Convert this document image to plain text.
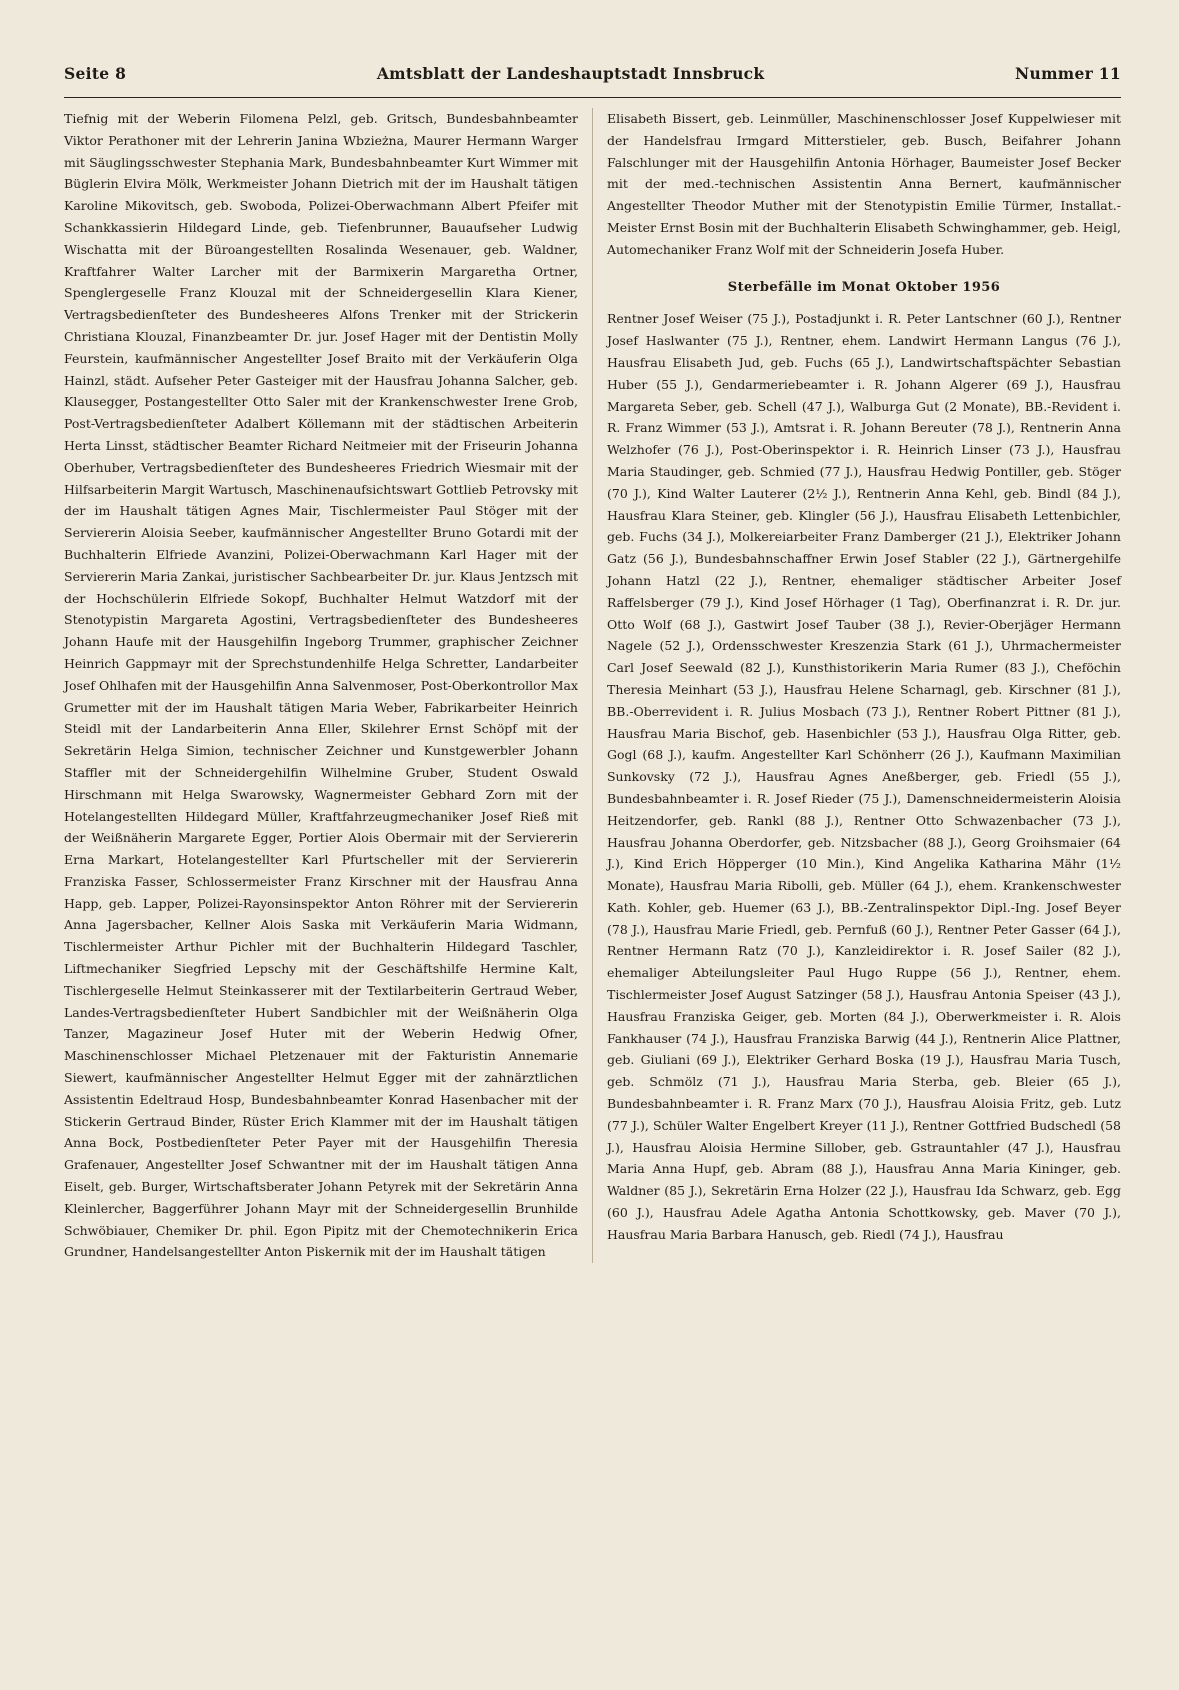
Seite 8	Amtsblatt der Landeshauptstadt Innsbruck	Nummer 11

Tiefnig mit der Weberin Filomena Pelzl, geb. Gritsch, Bundesbahnbeamter Viktor Perathoner mit der Lehrerin Janina Wbzieżna, Maurer Hermann Warger mit Säuglingsschwester Stephania Mark, Bundesbahnbeamter Kurt Wimmer mit Büglerin Elvira Mölk, Werkmeister Johann Dietrich mit der im Haushalt tätigen Karoline Mikovitsch, geb. Swoboda, Polizei-Oberwachmann Albert Pfeifer mit Schankkassierin Hildegard Linde, geb. Tiefenbrunner, Bauaufseher Ludwig Wischatta mit der Büroangestellten Rosalinda Wesenauer, geb. Waldner, Kraftfahrer Walter Larcher mit der Barmixerin Margaretha Ortner, Spenglergeselle Franz Klouzal mit der Schneidergesellin Klara Kiener, Vertragsbedienſteter des Bundesheeres Alfons Trenker mit der Strickerin Christiana Klouzal, Finanzbeamter Dr. jur. Josef Hager mit der Dentistin Molly Feurstein, kaufmännischer Angestellter Josef Braito mit der Verkäuferin Olga Hainzl, städt. Aufseher Peter Gasteiger mit der Hausfrau Johanna Salcher, geb. Klausegger, Postangestellter Otto Saler mit der Krankenschwester Irene Grob, Post-Vertragsbedienſteter Adalbert Köllemann mit der städtischen Arbeiterin Herta Linsst, städtischer Beamter Richard Neitmeier mit der Friseurin Johanna Oberhuber, Vertragsbedienſteter des Bundesheeres Friedrich Wiesmair mit der Hilfsarbeiterin Margit Wartusch, Maschinenaufsichtswart Gottlieb Petrovsky mit der im Haushalt tätigen Agnes Mair, Tischlermeister Paul Stöger mit der Serviererin Aloisia Seeber, kaufmännischer Angestellter Bruno Gotardi mit der Buchhalterin Elfriede Avanzini, Polizei-Oberwachmann Karl Hager mit der Serviererin Maria Zankai, juristischer Sachbearbeiter Dr. jur. Klaus Jentzsch mit der Hochschülerin Elfriede Sokopf, Buchhalter Helmut Watzdorf mit der Stenotypistin Margareta Agostini, Vertragsbedienſteter des Bundesheeres Johann Haufe mit der Hausgehilfin Ingeborg Trummer, graphischer Zeichner Heinrich Gappmayr mit der Sprechstundenhilfe Helga Schretter, Landarbeiter Josef Ohlhafen mit der Hausgehilfin Anna Salvenmoser, Post-Oberkontrollor Max Grumetter mit der im Haushalt tätigen Maria Weber, Fabrikarbeiter Heinrich Steidl mit der Landarbeiterin Anna Eller, Skilehrer Ernst Schöpf mit der Sekretärin Helga Simion, technischer Zeichner und Kunstgewerbler Johann Staffler mit der Schneidergehilfin Wilhelmine Gruber, Student Oswald Hirschmann mit Helga Swarowsky, Wagnermeister Gebhard Zorn mit der Hotelangestellten Hildegard Müller, Kraftfahrzeugmechaniker Josef Rieß mit der Weißnäherin Margarete Egger, Portier Alois Obermair mit der Serviererin Erna Markart, Hotelangestellter Karl Pfurtscheller mit der Serviererin Franziska Fasser, Schlossermeister Franz Kirschner mit der Hausfrau Anna Happ, geb. Lapper, Polizei-Rayonsinspektor Anton Röhrer mit der Serviererin Anna Jagersbacher, Kellner Alois Saska mit Verkäuferin Maria Widmann, Tischlermeister Arthur Pichler mit der Buchhalterin Hildegard Taschler, Liftmechaniker Siegfried Lepschy mit der Geschäftshilfe Hermine Kalt, Tischlergeselle Helmut Steinkasserer mit der Textilarbeiterin Gertraud Weber, Landes-Vertragsbedienſteter Hubert Sandbichler mit der Weißnäherin Olga Tanzer, Magazineur Josef Huter mit der Weberin Hedwig Ofner, Maschinenschlosser Michael Pletzenauer mit der Fakturistin Annemarie Siewert, kaufmännischer Angestellter Helmut Egger mit der zahnärztlichen Assistentin Edeltraud Hosp, Bundesbahnbeamter Konrad Hasenbacher mit der Stickerin Gertraud Binder, Rüster Erich Klammer mit der im Haushalt tätigen Anna Bock, Postbedienſteter Peter Payer mit der Hausgehilfin Theresia Grafenauer, Angestellter Josef Schwantner mit der im Haushalt tätigen Anna Eiselt, geb. Burger, Wirtschaftsberater Johann Petyrek mit der Sekretärin Anna Kleinlercher, Baggerführer Johann Mayr mit der Schneidergesellin Brunhilde Schwöbiauer, Chemiker Dr. phil. Egon Pipitz mit der Chemotechnikerin Erica Grundner, Handelsangestellter Anton Piskernik mit der im Haushalt tätigen

Elisabeth Bissert, geb. Leinmüller, Maschinenschlosser Josef Kuppelwieser mit der Handelsfrau Irmgard Mitterstieler, geb. Busch, Beifahrer Johann Falschlunger mit der Hausgehilfin Antonia Hörhager, Baumeister Josef Becker mit der med.-technischen Assistentin Anna Bernert, kaufmännischer Angestellter Theodor Muther mit der Stenotypistin Emilie Türmer, Installat.-Meister Ernst Bosin mit der Buchhalterin Elisabeth Schwinghammer, geb. Heigl, Automechaniker Franz Wolf mit der Schneiderin Josefa Huber.

Sterbefälle im Monat Oktober 1956

Rentner Josef Weiser (75 J.), Postadjunkt i. R. Peter Lantschner (60 J.), Rentner Josef Haslwanter (75 J.), Rentner, ehem. Landwirt Hermann Langus (76 J.), Hausfrau Elisabeth Jud, geb. Fuchs (65 J.), Landwirtschaftspächter Sebastian Huber (55 J.), Gendarmeriebeamter i. R. Johann Algerer (69 J.), Hausfrau Margareta Seber, geb. Schell (47 J.), Walburga Gut (2 Monate), BB.-Revident i. R. Franz Wimmer (53 J.), Amtsrat i. R. Johann Bereuter (78 J.), Rentnerin Anna Welzhofer (76 J.), Post-Oberinspektor i. R. Heinrich Linser (73 J.), Hausfrau Maria Staudinger, geb. Schmied (77 J.), Hausfrau Hedwig Pontiller, geb. Stöger (70 J.), Kind Walter Lauterer (2½ J.), Rentnerin Anna Kehl, geb. Bindl (84 J.), Hausfrau Klara Steiner, geb. Klingler (56 J.), Hausfrau Elisabeth Lettenbichler, geb. Fuchs (34 J.), Molkereiarbeiter Franz Damberger (21 J.), Elektriker Johann Gatz (56 J.), Bundesbahnschaffner Erwin Josef Stabler (22 J.), Gärtnergehilfe Johann Hatzl (22 J.), Rentner, ehemaliger städtischer Arbeiter Josef Raffelsberger (79 J.), Kind Josef Hörhager (1 Tag), Oberfinanzrat i. R. Dr. jur. Otto Wolf (68 J.), Gastwirt Josef Tauber (38 J.), Revier-Oberjäger Hermann Nagele (52 J.), Ordensschwester Kreszenzia Stark (61 J.), Uhrmachermeister Carl Josef Seewald (82 J.), Kunsthistorikerin Maria Rumer (83 J.), Cheföchin Theresia Meinhart (53 J.), Hausfrau Helene Scharnagl, geb. Kirschner (81 J.), BB.-Oberrevident i. R. Julius Mosbach (73 J.), Rentner Robert Pittner (81 J.), Hausfrau Maria Bischof, geb. Hasenbichler (53 J.), Hausfrau Olga Ritter, geb. Gogl (68 J.), kaufm. Angestellter Karl Schönherr (26 J.), Kaufmann Maximilian Sunkovsky (72 J.), Hausfrau Agnes Aneßberger, geb. Friedl (55 J.), Bundesbahnbeamter i. R. Josef Rieder (75 J.), Damenschneidermeisterin Aloisia Heitzendorfer, geb. Rankl (88 J.), Rentner Otto Schwazenbacher (73 J.), Hausfrau Johanna Oberdorfer, geb. Nitzsbacher (88 J.), Georg Groihsmaier (64 J.), Kind Erich Höpperger (10 Min.), Kind Angelika Katharina Mähr (1½ Monate), Hausfrau Maria Ribolli, geb. Müller (64 J.), ehem. Krankenschwester Kath. Kohler, geb. Huemer (63 J.), BB.-Zentralinspektor Dipl.-Ing. Josef Beyer (78 J.), Hausfrau Marie Friedl, geb. Pernfuß (60 J.), Rentner Peter Gasser (64 J.), Rentner Hermann Ratz (70 J.), Kanzleidirektor i. R. Josef Sailer (82 J.), ehemaliger Abteilungsleiter Paul Hugo Ruppe (56 J.), Rentner, ehem. Tischlermeister Josef August Satzinger (58 J.), Hausfrau Antonia Speiser (43 J.), Hausfrau Franziska Geiger, geb. Morten (84 J.), Oberwerkmeister i. R. Alois Fankhauser (74 J.), Hausfrau Franziska Barwig (44 J.), Rentnerin Alice Plattner, geb. Giuliani (69 J.), Elektriker Gerhard Boska (19 J.), Hausfrau Maria Tusch, geb. Schmölz (71 J.), Hausfrau Maria Sterba, geb. Bleier (65 J.), Bundesbahnbeamter i. R. Franz Marx (70 J.), Hausfrau Aloisia Fritz, geb. Lutz (77 J.), Schüler Walter Engelbert Kreyer (11 J.), Rentner Gottfried Budschedl (58 J.), Hausfrau Aloisia Hermine Sillober, geb. Gstrauntahler (47 J.), Hausfrau Maria Anna Hupf, geb. Abram (88 J.), Hausfrau Anna Maria Kininger, geb. Waldner (85 J.), Sekretärin Erna Holzer (22 J.), Hausfrau Ida Schwarz, geb. Egg (60 J.), Hausfrau Adele Agatha Antonia Schottkowsky, geb. Maver (70 J.), Hausfrau Maria Barbara Hanusch, geb. Riedl (74 J.), Hausfrau
